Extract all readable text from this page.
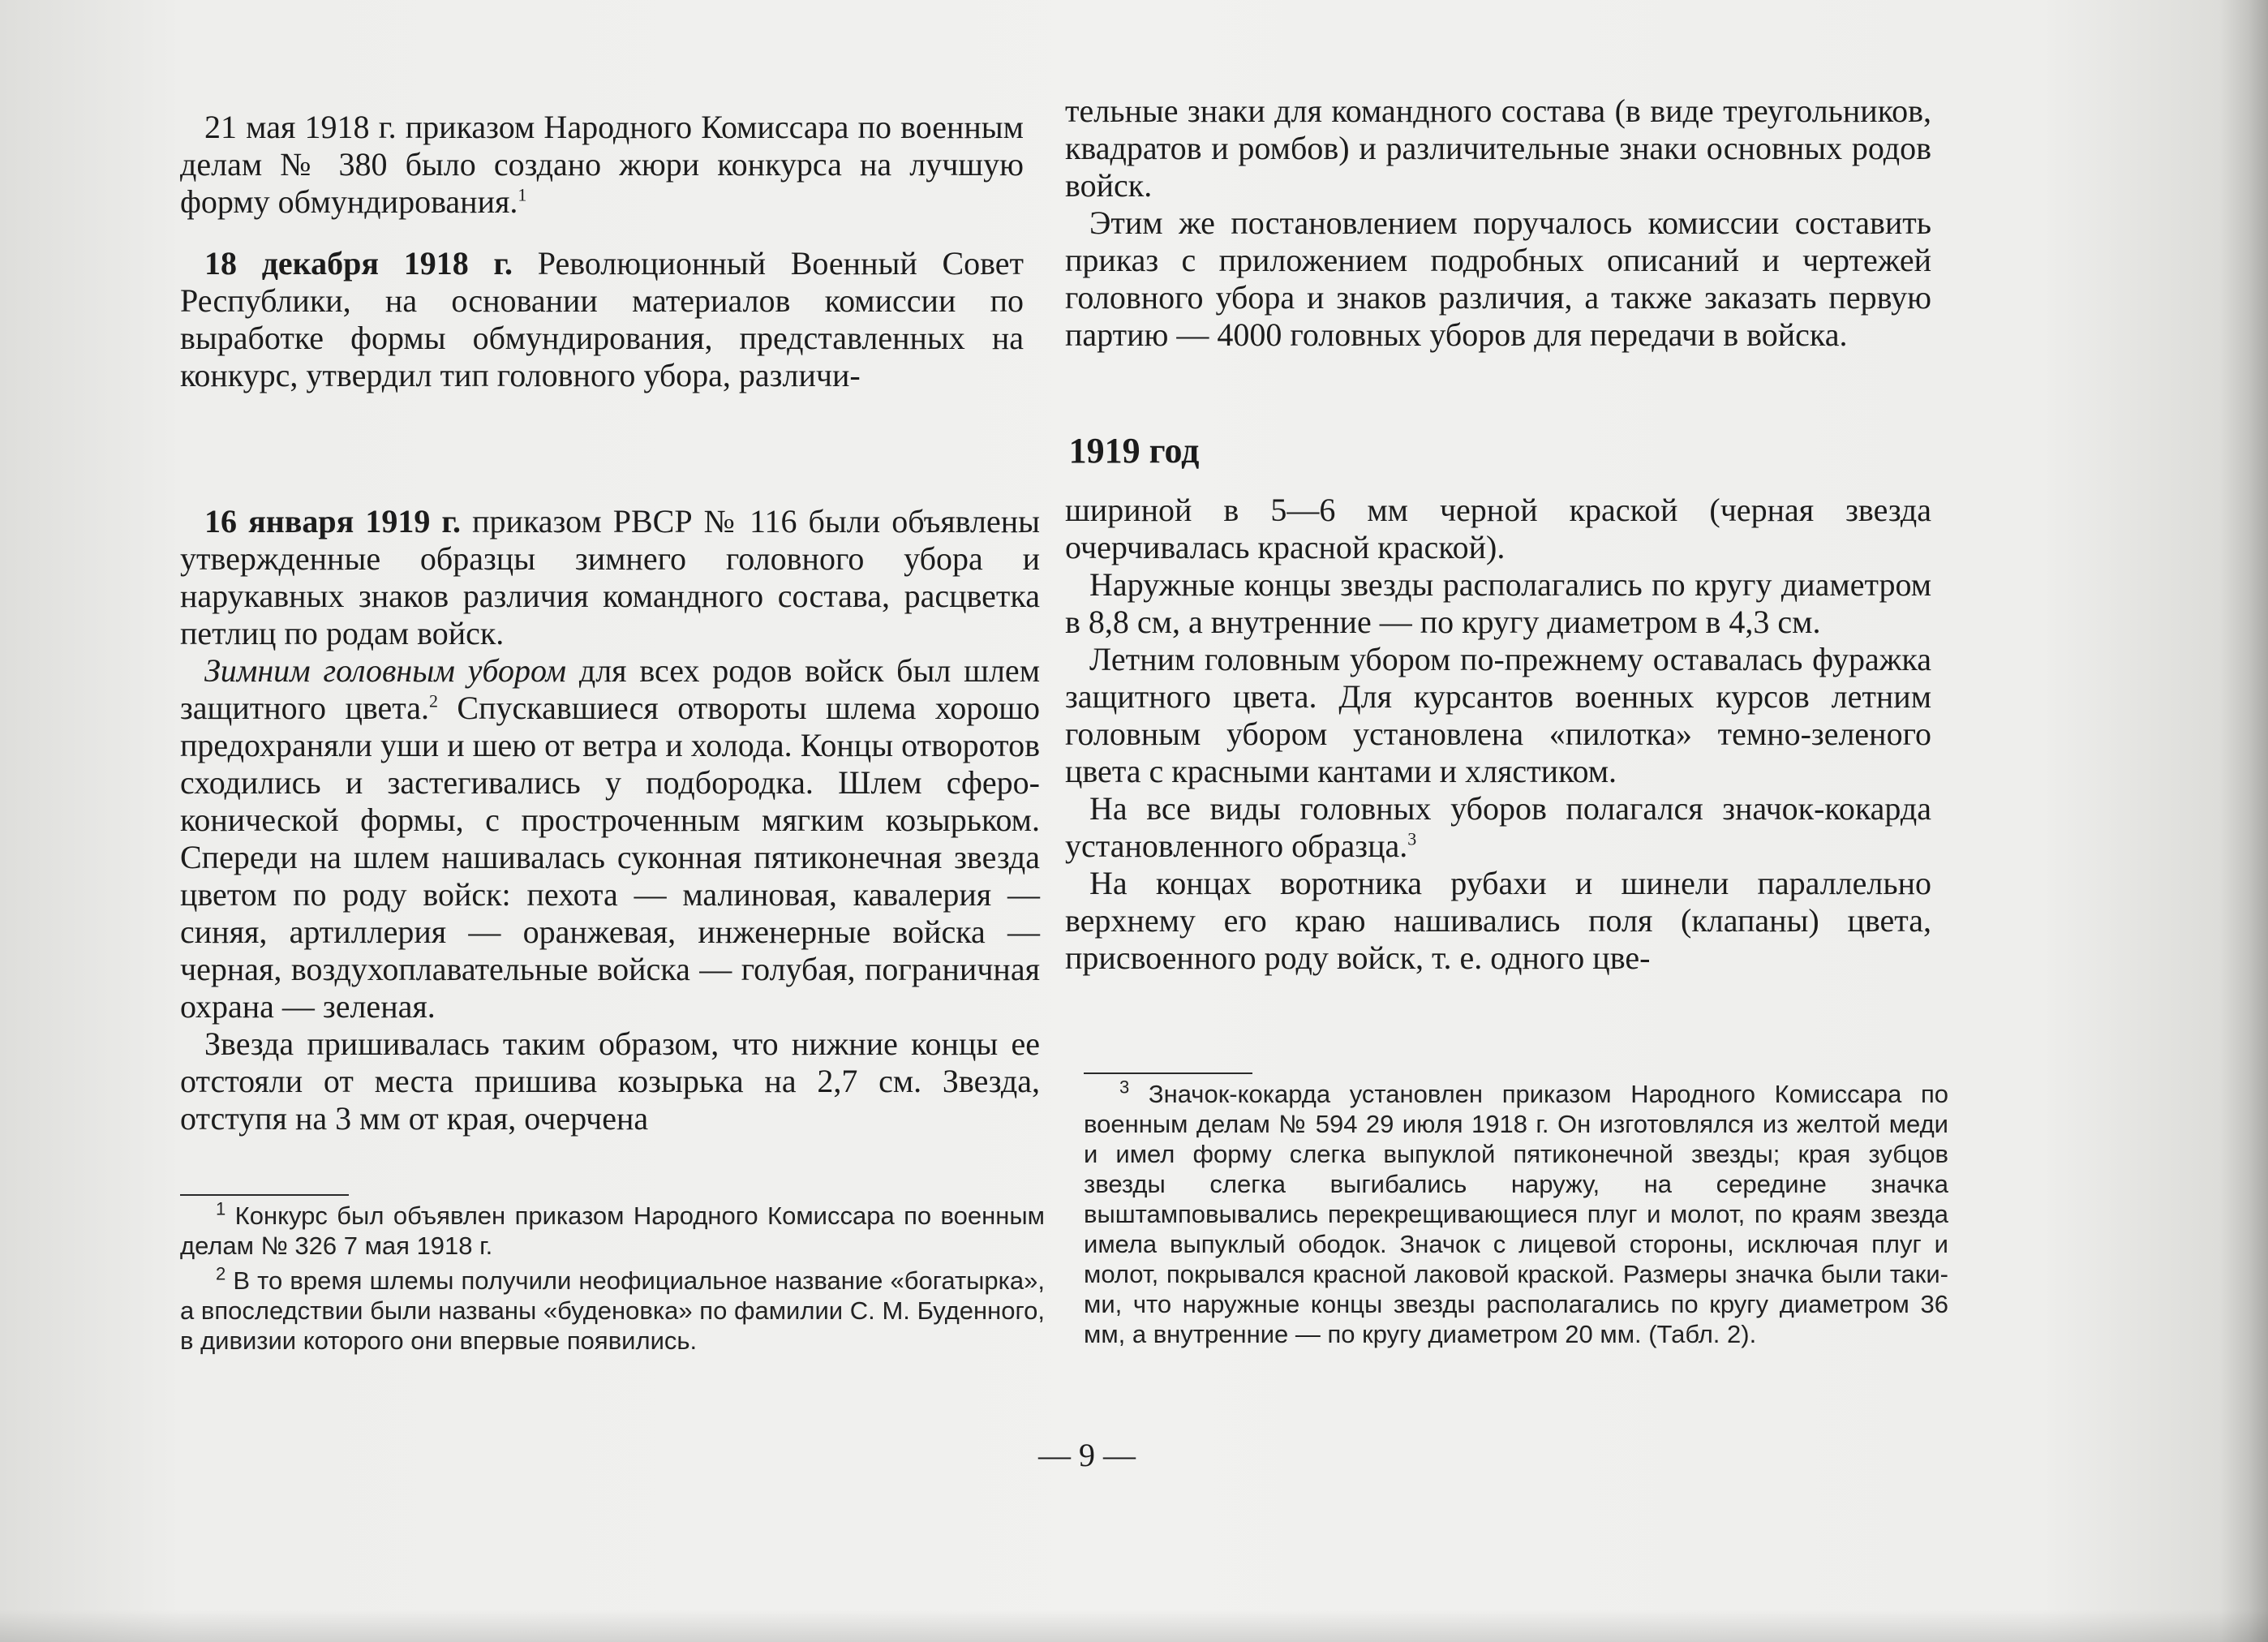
21 мая 1918 г. приказом Народного Комиссара по военным делам № 380 было создано жюри конкурса на лучшую форму обмундирования.$^1$

18 декабря 1918 г. Революционный Военный Совет Республики, на основании материалов комиссии по выработке формы обмундирования, представленных на конкурс, утвердил тип головного убора, различи-

тельные знаки для командного состава (в виде треугольников, квадратов и ромбов) и различительные знаки основных родов войск.

Этим же постановлением поручалось комиссии составить приказ с приложением подробных описаний и чертежей головного убора и знаков различия, а также заказать первую партию — 4000 головных уборов для передачи в войска.

1919 год

16 января 1919 г. приказом РВСР № 116 были объявлены утвержденные образцы зимнего головного убора и нарукавных знаков различия командного состава, расцветка петлиц по родам войск.

Зимним головным убором для всех родов войск был шлем защитного цвета.$^2$ Спускавшиеся отвороты шлема хорошо предохраняли уши и шею от ветра и холода. Концы отворотов сходились и застегивались у подбородка. Шлем сферо-конической формы, с простроченным мягким козырьком. Спереди на шлем нашивалась суконная пятиконечная звезда цветом по роду войск: пехота — малиновая, кавалерия — синяя, артиллерия — оранжевая, инженерные войска — черная, воздухоплавательные войска — голубая, пограничная охрана — зеленая.

Звезда пришивалась таким образом, что нижние концы ее отстояли от места пришива козырька на 2,7 см. Звезда, отступя на 3 мм от края, очерчена

шириной в 5—6 мм черной краской (черная звезда очерчивалась красной краской).

Наружные концы звезды располагались по кругу диаметром в 8,8 см, а внутренние — по кругу диаметром в 4,3 см.

Летним головным убором по-прежнему оставалась фуражка защитного цвета. Для курсантов военных курсов летним головным убором установлена «пилотка» темно-зеленого цвета с красными кантами и хлястиком.

На все виды головных уборов полагался значок-кокарда установленного образца.$^3$

На концах воротника рубахи и шинели параллельно верхнему его краю нашивались поля (клапаны) цвета, присвоенного роду войск, т. е. одного цве-

$^1$ Конкурс был объявлен приказом Народного Комиссара по военным делам № 326 7 мая 1918 г.

$^2$ В то время шлемы получили неофициальное название «богатырка», а впоследствии были названы «буденовка» по фамилии С. М. Буденного, в дивизии которого они впервые появились.

$^3$ Значок-кокарда установлен приказом Народного Комиссара по военным делам № 594 29 июля 1918 г. Он изготовлялся из желтой меди и имел форму слегка выпуклой пятиконечной звезды; края зубцов звезды слегка выгибались наружу, на середине значка выштамповывались перекрещивающиеся плуг и молот, по краям звезда имела выпуклый ободок. Значок с лицевой стороны, исключая плуг и молот, покрывался красной лаковой краской. Размеры значка были такими, что наружные концы звезды располагались по кругу диаметром 36 мм, а внутренние — по кругу диаметром 20 мм. (Табл. 2).

— 9 —
